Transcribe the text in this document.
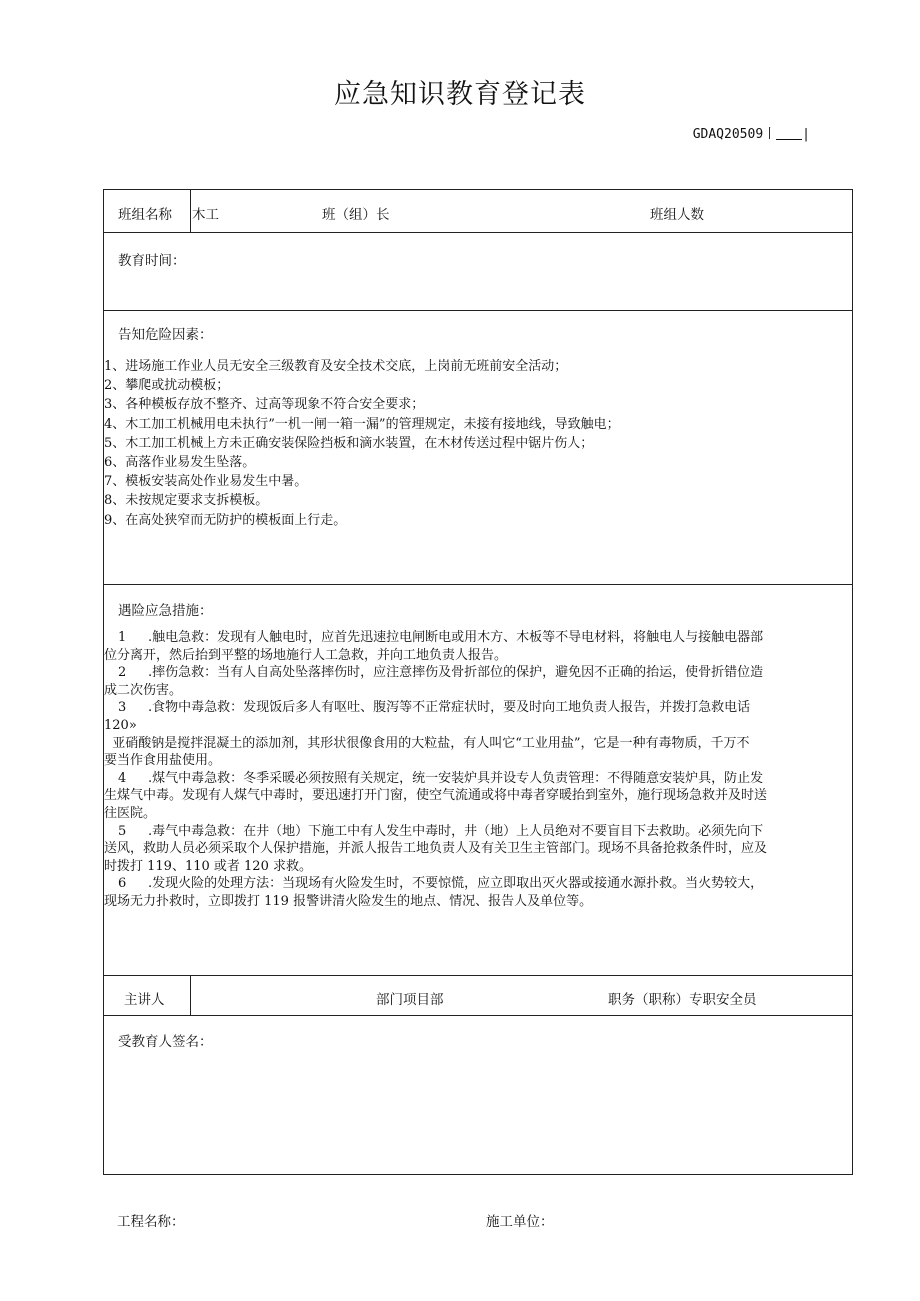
应急知识教育登记表
GDAQ20509丨 |
班组名称 木工	班（组）长	班组人数
教育时间：
告知危险因素：
1、进场施工作业人员无安全三级教育及安全技术交底，上岗前无班前安全活动；
2、攀爬或扰动模板；
3、各种模板存放不整齐、过高等现象不符合安全要求；
4、木工加工机械用电未执行”一机一闸一箱一漏”的管理规定，未接有接地线，导致触电；
5、木工加工机械上方未正确安装保险挡板和滴水装置，在木材传送过程中锯片伤人；
6、高落作业易发生坠落。
7、模板安装高处作业易发生中暑。
8、未按规定要求支拆模板。
9、在高处狭窄而无防护的模板面上行走。
遇险应急措施：
1 .触电急救：发现有人触电时，应首先迅速拉电闸断电或用木方、木板等不导电材料，将触电人与接触电器部
位分离开，然后抬到平整的场地施行人工急救，并向工地负责人报告。
2 .摔伤急救：当有人自高处坠落摔伤时，应注意摔伤及骨折部位的保护，避免因不正确的抬运，使骨折错位造
成二次伤害。
3 .食物中毒急救：发现饭后多人有呕吐、腹泻等不正常症状时，要及时向工地负责人报告，并拨打急救电话
120»
亚硝酸钠是搅拌混凝土的添加剂，其形状很像食用的大粒盐，有人叫它“工业用盐”，它是一种有毒物质，千万不
要当作食用盐使用。
4 .煤气中毒急救：冬季采暖必须按照有关规定，统一安装炉具并设专人负责管理：不得随意安装炉具，防止发
生煤气中毒。发现有人煤气中毒时，要迅速打开门窗，使空气流通或将中毒者穿暖抬到室外，施行现场急救并及时送
往医院。
5 .毒气中毒急救：在井（地）下施工中有人发生中毒时，井（地）上人员绝对不要盲目下去救助。必须先向下
送风，救助人员必须采取个人保护措施，并派人报告工地负责人及有关卫生主管部门。现场不具备抢救条件时，应及
时拨打 119、110 或者 120 求救。
6 .发现火险的处理方法：当现场有火险发生时，不要惊慌，应立即取出灭火器或接通水源扑救。当火势较大，
现场无力扑救时，立即拨打 119 报警讲清火险发生的地点、情况、报告人及单位等。
主讲人	部门项目部	职务（职称）专职安全员
受教育人签名：
工程名称：	施工单位：
